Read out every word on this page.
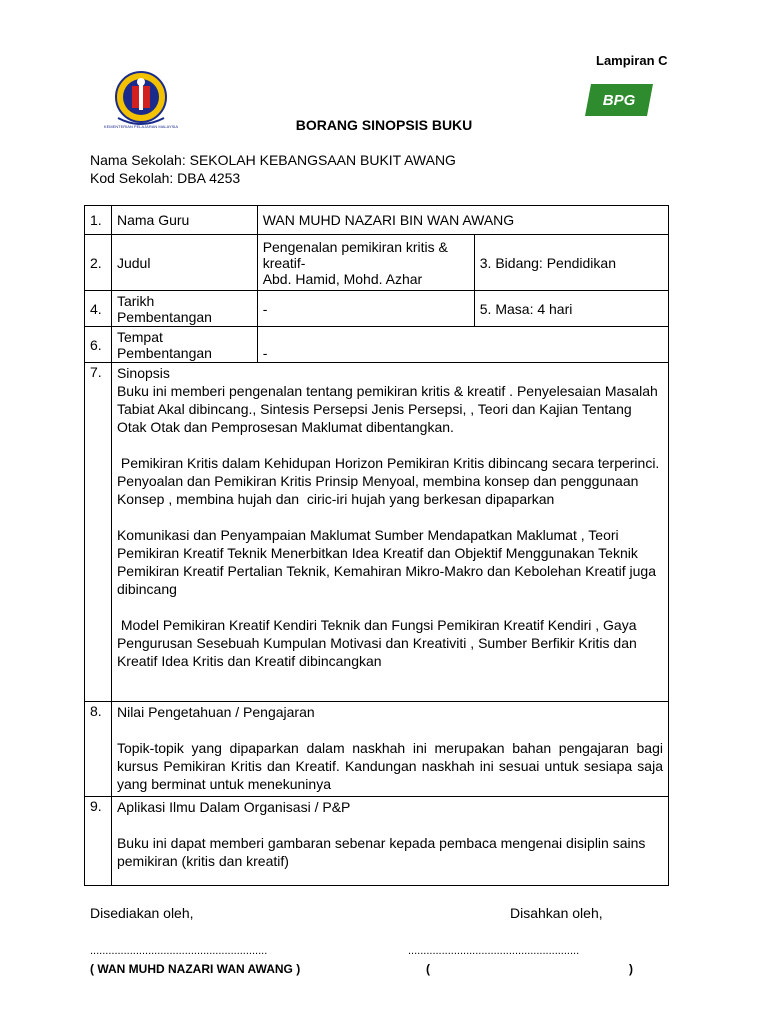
Lampiran C
KEMENTERIAN PELAJARAN MALAYSIA
BPG
BORANG SINOPSIS BUKU
Nama Sekolah: SEKOLAH KEBANGSAAN BUKIT AWANG
Kod Sekolah: DBA 4253
1.	Nama Guru	WAN MUHD NAZARI BIN WAN AWANG	
2.	Judul	Pengenalan pemikiran kritis &
kreatif-
Abd. Hamid, Mohd. Azhar	3. Bidang: Pendidikan
4.	Tarikh
Pembentangan	-	5. Masa: 4 hari
6.	Tempat
Pembentangan	-	
7.	Sinopsis

Buku ini memberi pengenalan tentang pemikiran kritis & kreatif . Penyelesaian Masalah Tabiat Akal dibincang., Sintesis Persepsi Jenis Persepsi, , Teori dan Kajian Tentang Otak Otak dan Pemprosesan Maklumat dibentangkan.

Pemikiran Kritis dalam Kehidupan Horizon Pemikiran Kritis dibincang secara terperinci.  Penyoalan dan Pemikiran Kritis Prinsip Menyoal, membina konsep dan penggunaan Konsep , membina hujah dan  ciric-iri hujah yang berkesan dipaparkan

Komunikasi dan Penyampaian Maklumat Sumber Mendapatkan Maklumat , Teori Pemikiran Kreatif Teknik Menerbitkan Idea Kreatif dan Objektif Menggunakan Teknik Pemikiran Kreatif Pertalian Teknik, Kemahiran Mikro-Makro dan Kebolehan Kreatif juga dibincang

Model Pemikiran Kreatif Kendiri Teknik dan Fungsi Pemikiran Kreatif Kendiri , Gaya Pengurusan Sesebuah Kumpulan Motivasi dan Kreativiti , Sumber Berfikir Kritis dan Kreatif Idea Kritis dan Kreatif dibincangkan		

8.	Nilai Pengetahuan / Pengajaran

Topik-topik yang dipaparkan dalam naskhah ini merupakan bahan pengajaran bagi kursus Pemikiran Kritis dan Kreatif. Kandungan naskhah ini sesuai untuk sesiapa saja yang berminat untuk menekuninya		

9.	Aplikasi Ilmu Dalam Organisasi / P&P

Buku ini dapat memberi gambaran sebenar kepada pembaca mengenai disiplin sains pemikiran (kritis dan kreatif)		

Disediakan oleh,	Disahkan oleh,
..........................................................	........................................................
( WAN MUHD NAZARI WAN AWANG )	(	)
